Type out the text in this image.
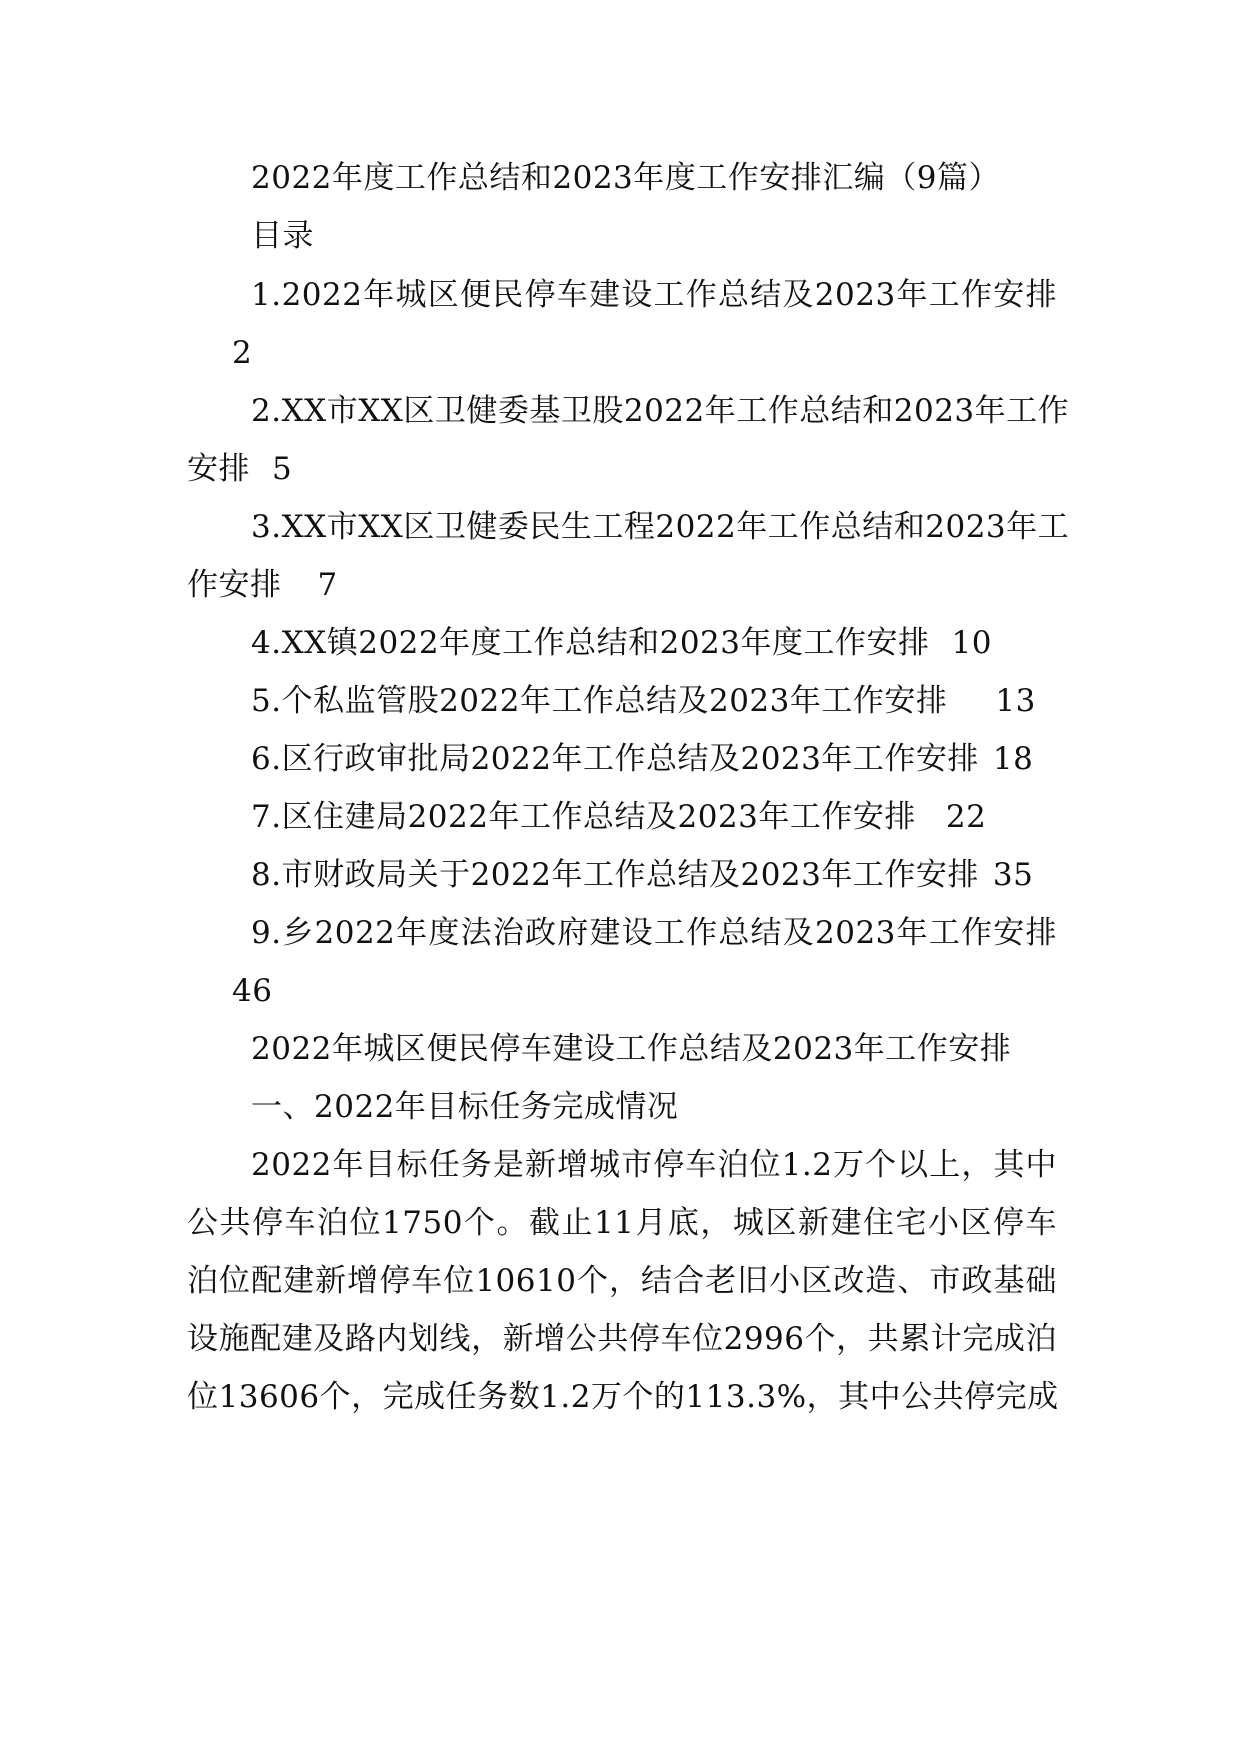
2022年度工作总结和2023年度工作安排汇编（9篇）
目录
1.2022年城区便民停车建设工作总结及2023年工作安排
2
2.XX市XX区卫健委基卫股2022年工作总结和2023年工作
安排 5
3.XX市XX区卫健委民生工程2022年工作总结和2023年工
作安排 7
4.XX镇2022年度工作总结和2023年度工作安排 10
5.个私监管股2022年工作总结及2023年工作安排 13
6.区行政审批局2022年工作总结及2023年工作安排 18
7.区住建局2022年工作总结及2023年工作安排 22
8.市财政局关于2022年工作总结及2023年工作安排 35
9.乡2022年度法治政府建设工作总结及2023年工作安排
46
2022年城区便民停车建设工作总结及2023年工作安排
一、2022年目标任务完成情况
2022年目标任务是新增城市停车泊位1.2万个以上，其中
公共停车泊位1750个。截止11月底，城区新建住宅小区停车
泊位配建新增停车位10610个，结合老旧小区改造、市政基础
设施配建及路内划线，新增公共停车位2996个，共累计完成泊
位13606个，完成任务数1.2万个的113.3%，其中公共停完成
